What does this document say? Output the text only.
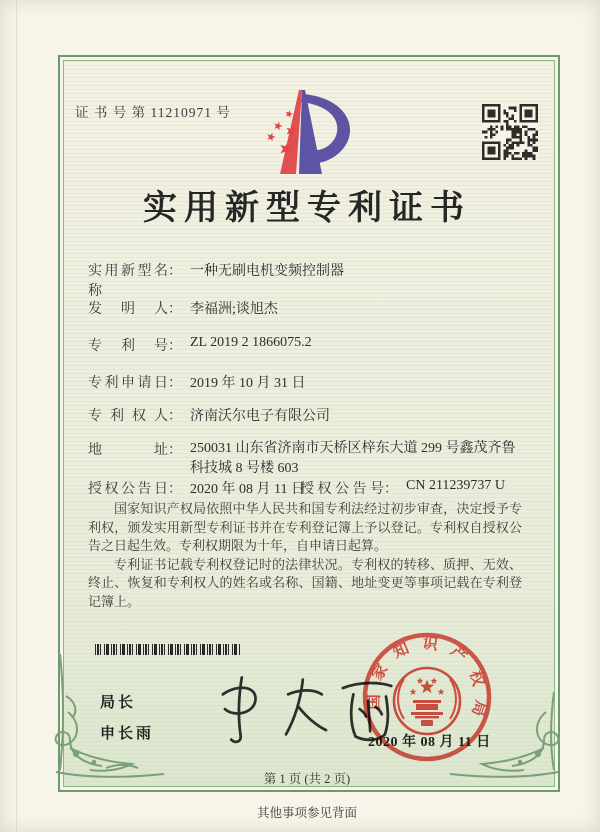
证 书 号 第 11210971 号
实用新型专利证书
实用新型名称
： 一种无刷电机变频控制器
发明人 ： 李福洲;谈旭杰
专利号 ： ZL 2019 2 1866075.2
专利申请日 ： 2019 年 10 月 31 日
专利权人 ： 济南沃尔电子有限公司
地址 ： 250031 山东省济南市天桥区梓东大道 299 号鑫茂齐鲁科技城 8 号楼 603
授权公告日 ： 2020 年 08 月 11 日
授权公告号 ： CN 211239737 U

国家知识产权局依照中华人民共和国专利法经过初步审查，决定授予专利权，颁发实用新型专利证书并在专利登记簿上予以登记。专利权自授权公告之日起生效。专利权期限为十年，自申请日起算。

专利证书记载专利权登记时的法律状况。专利权的转移、质押、无效、终止、恢复和专利权人的姓名或名称、国籍、地址变更等事项记载在专利登记簿上。

局长
申长雨
国家知识产权局
2020 年 08 月 11 日
第 1 页 (共 2 页)
其他事项参见背面
